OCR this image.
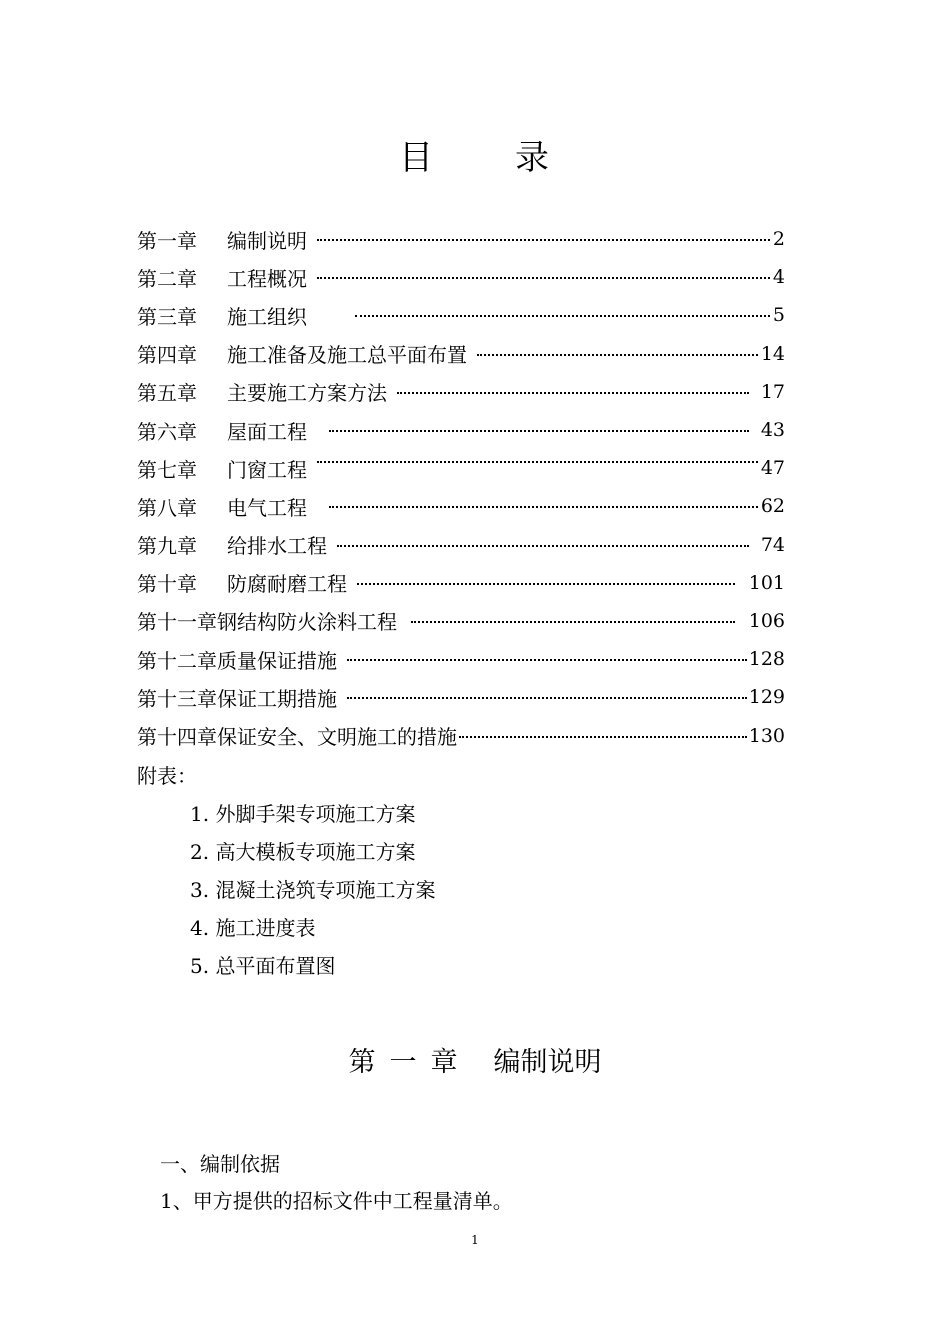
目 录
第一章	编制说明	2
第二章	工程概况	4
第三章	施工组织	5
第四章	施工准备及施工总平面布置	14
第五章	主要施工方案方法	17
第六章	屋面工程	43
第七章	门窗工程	47
第八章	电气工程	62
第九章	给排水工程	74
第十章	防腐耐磨工程	101
第十一章 钢结构防火涂料工程	106
第十二章 质量保证措施	128
第十三章 保证工期措施	129
第十四章 保证安全、文明施工的措施	130
附表：
1. 外脚手架专项施工方案
2. 高大模板专项施工方案
3. 混凝土浇筑专项施工方案
4. 施工进度表
5. 总平面布置图
第 一 章 编制说明
一、编制依据
1、甲方提供的招标文件中工程量清单。
1
